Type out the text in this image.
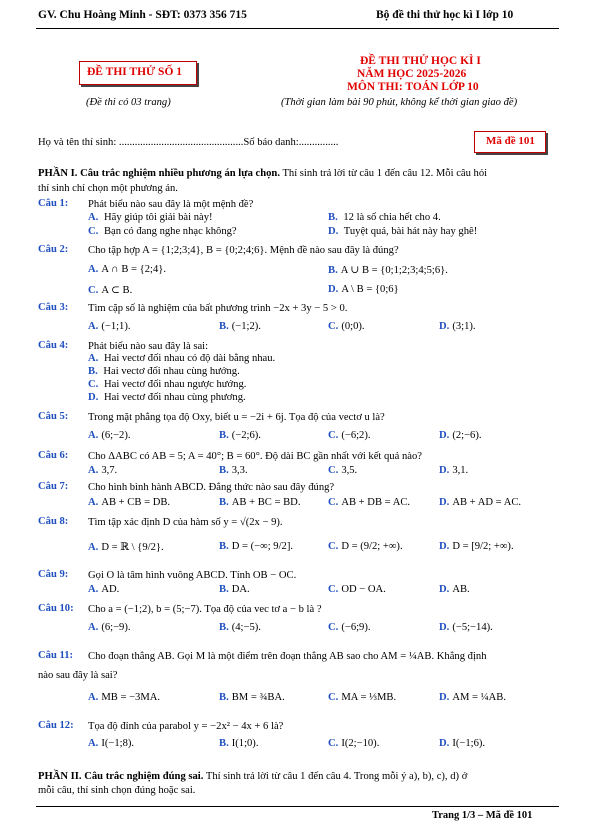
GV. Chu Hoàng Minh - SĐT: 0373 356 715	Bộ đề thi thử học kì I lớp 10
ĐỀ THI THỬ SỐ 1
ĐỀ THI THỬ HỌC KÌ I
NĂM HỌC 2025-2026
MÔN THI: TOÁN LỚP 10
(Đề thi có 03 trang)	(Thời gian làm bài 90 phút, không kể thời gian giao đề)
Họ và tên thí sinh: ...............................................Số báo danh:...............	Mã đề 101
PHẦN I. Câu trắc nghiệm nhiều phương án lựa chọn. Thí sinh trả lời từ câu 1 đến câu 12. Mỗi câu hỏi
thí sinh chỉ chọn một phương án.
Câu 1: Phát biểu nào sau đây là một mệnh đề?
A. Hãy giúp tôi giải bài này!	B. 12 là số chia hết cho 4.
C. Bạn có đang nghe nhạc không?	D. Tuyệt quá, bài hát này hay ghê!
Câu 2: Cho tập hợp A = {1;2;3;4}, B = {0;2;4;6}. Mệnh đề nào sau đây là đúng?
A. A ∩ B = {2;4}.	B. A ∪ B = {0;1;2;3;4;5;6}.
C. A ⊂ B.	D. A \ B = {0;6}
Câu 3: Tìm cặp số là nghiệm của bất phương trình −2x + 3y − 5 > 0.
A. (−1;1).	B. (−1;2).	C. (0;0).	D. (3;1).
Câu 4: Phát biểu nào sau đây là sai:
A. Hai vectơ đối nhau có độ dài bằng nhau.
B. Hai vectơ đối nhau cùng hướng.
C. Hai vectơ đối nhau ngược hướng.
D. Hai vectơ đối nhau cùng phương.
Câu 5: Trong mặt phẳng tọa độ Oxy, biết u = −2i + 6j. Tọa độ của vectơ u là?
A. (6;−2).	B. (−2;6).	C. (−6;2).	D. (2;−6).
Câu 6: Cho ΔABC có AB = 5; A = 40°; B = 60°. Độ dài BC gần nhất với kết quả nào?
A. 3,7.	B. 3,3.	C. 3,5.	D. 3,1.
Câu 7: Cho hình bình hành ABCD. Đẳng thức nào sau đây đúng?
A. AB + CB = DB.	B. AB + BC = BD.	C. AB + DB = AC.	D. AB + AD = AC.
Câu 8: Tìm tập xác định D của hàm số y = √(2x − 9).
A. D = ℝ \ {9/2}.	B. D = (−∞; 9/2].	C. D = (9/2; +∞).	D. D = [9/2; +∞).
Câu 9: Gọi O là tâm hình vuông ABCD. Tính OB − OC.
A. AD.	B. DA.	C. OD − OA.	D. AB.
Câu 10: Cho a = (−1;2), b = (5;−7). Tọa độ của vec tơ a − b là ?
A. (6;−9).	B. (4;−5).	C. (−6;9).	D. (−5;−14).
Câu 11: Cho đoạn thẳng AB. Gọi M là một điểm trên đoạn thẳng AB sao cho AM = ¼AB. Khẳng định
nào sau đây là sai?
A. MB = −3MA.	B. BM = ¾BA.	C. MA = ⅓MB.	D. AM = ¼AB.
Câu 12: Tọa độ đỉnh của parabol y = −2x² − 4x + 6 là?
A. I(−1;8).	B. I(1;0).	C. I(2;−10).	D. I(−1;6).
PHẦN II. Câu trắc nghiệm đúng sai. Thí sinh trả lời từ câu 1 đến câu 4. Trong mỗi ý a), b), c), d) ở
mỗi câu, thí sinh chọn đúng hoặc sai.
Trang 1/3 – Mã đề 101
